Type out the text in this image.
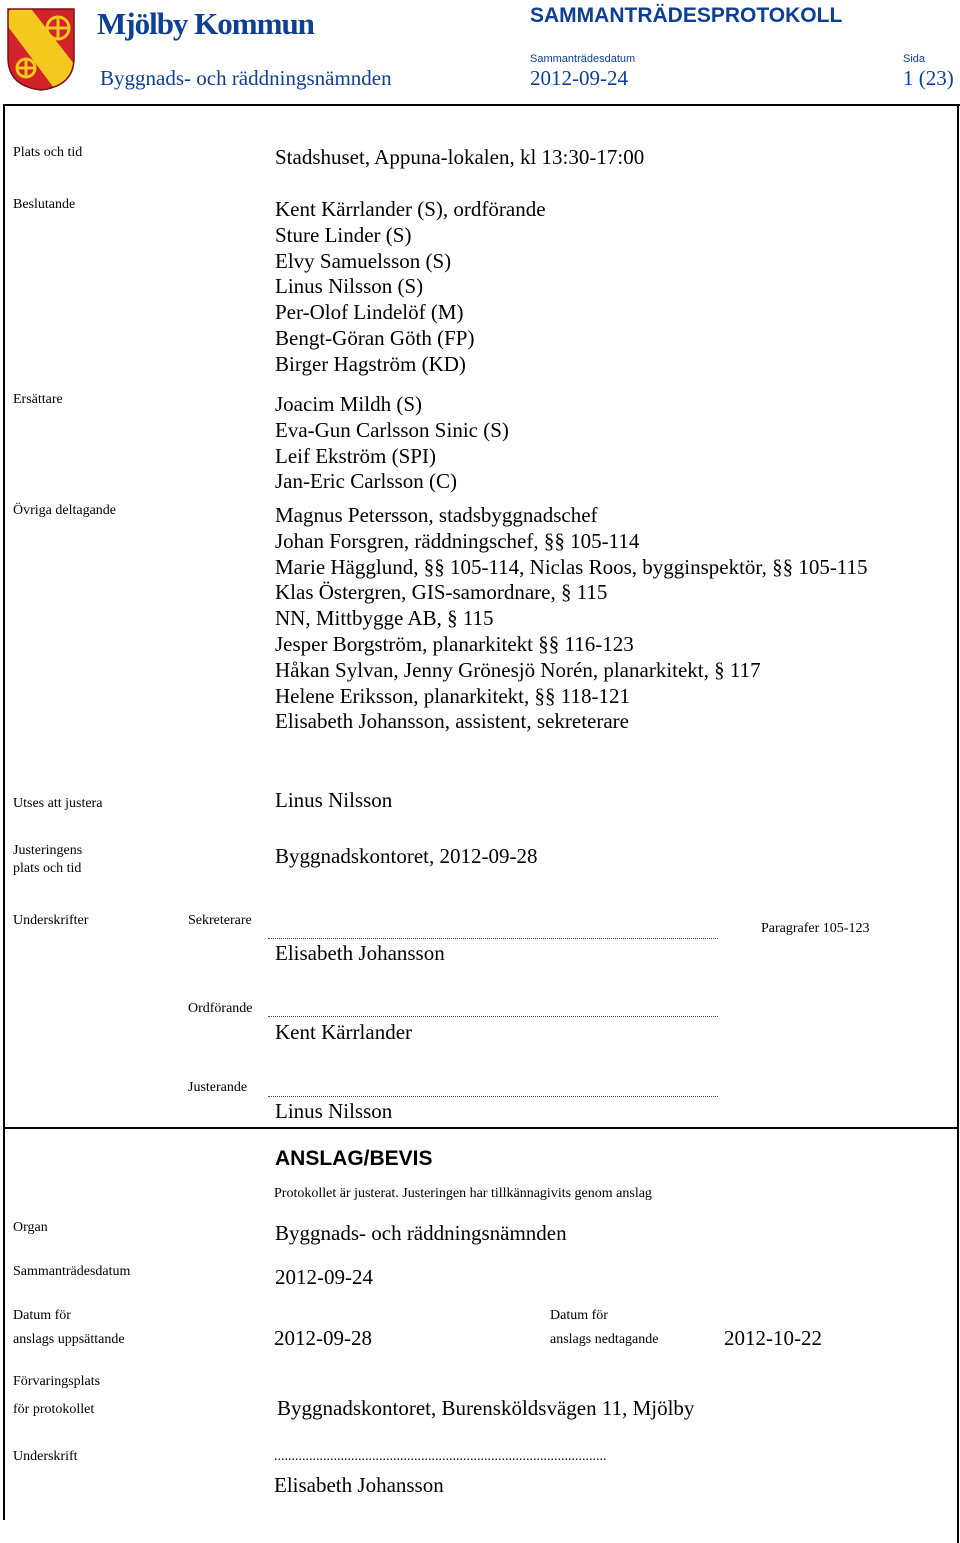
Mjölby Kommun
Byggnads- och räddningsnämnden
SAMMANTRÄDESPROTOKOLL
Sammanträdesdatum
2012-09-24
Sida
1 (23)
Plats och tid	Stadshuset, Appuna-lokalen, kl 13:30-17:00
Beslutande	Kent Kärrlander (S), ordförande
Sture Linder (S)
Elvy Samuelsson (S)
Linus Nilsson (S)
Per-Olof Lindelöf (M)
Bengt-Göran Göth (FP)
Birger Hagström (KD)
Ersättare	Joacim Mildh (S)
Eva-Gun Carlsson Sinic (S)
Leif Ekström (SPI)
Jan-Eric Carlsson (C)
Övriga deltagande	Magnus Petersson, stadsbyggnadschef
Johan Forsgren, räddningschef, §§ 105-114
Marie Hägglund, §§ 105-114, Niclas Roos, bygginspektör, §§ 105-115
Klas Östergren, GIS-samordnare, § 115
NN, Mittbygge AB, § 115
Jesper Borgström, planarkitekt §§ 116-123
Håkan Sylvan, Jenny Grönesjö Norén, planarkitekt, § 117
Helene Eriksson, planarkitekt, §§ 118-121
Elisabeth Johansson, assistent, sekreterare
Utses att justera	Linus Nilsson
Justeringens
plats och tid
Byggnadskontoret, 2012-09-28
Underskrifter	Sekreterare
Elisabeth Johansson
Paragrafer 105-123
Ordförande
Kent Kärrlander
Justerande
Linus Nilsson
ANSLAG/BEVIS
Protokollet är justerat. Justeringen har tillkännagivits genom anslag
Organ	Byggnads- och räddningsnämnden
Sammanträdesdatum	2012-09-24
Datum för
anslags uppsättande	2012-09-28
Datum för
anslags nedtagande	2012-10-22
Förvaringsplats
för protokollet	Byggnadskontoret, Burensköldsvägen 11, Mjölby
Underskrift	...............................................................................................
Elisabeth Johansson
